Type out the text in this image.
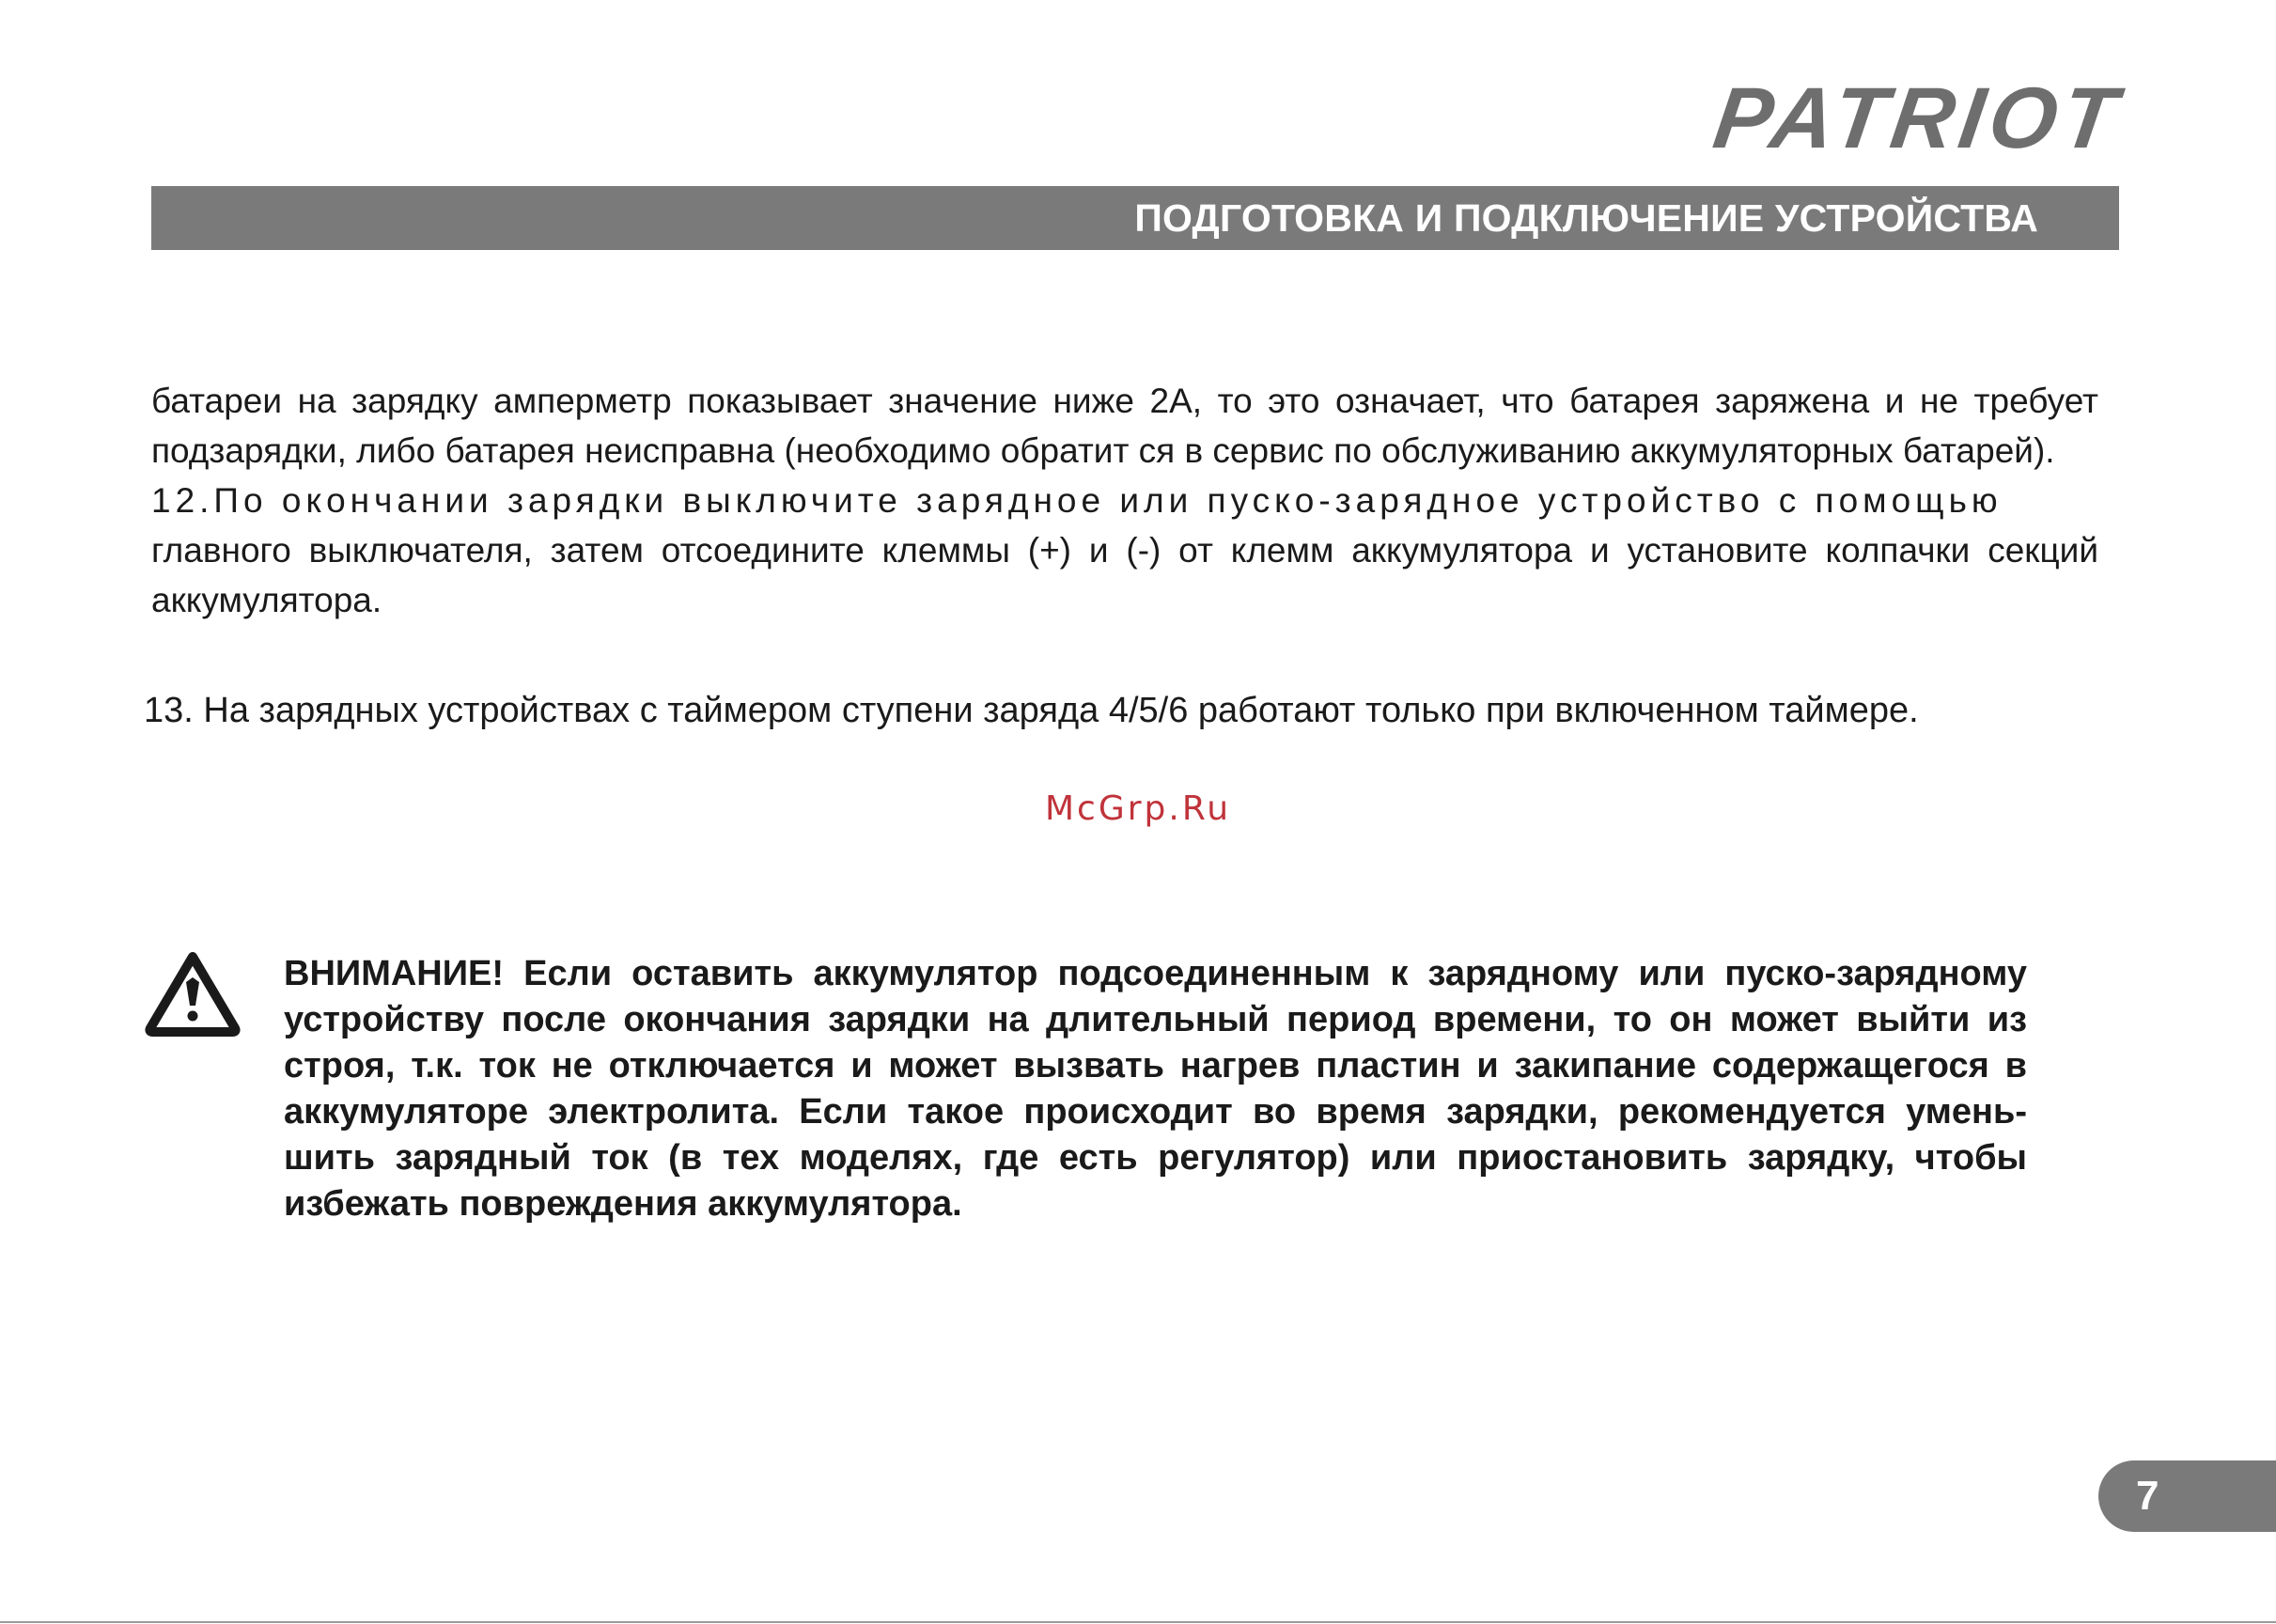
PATRIOT
ПОДГОТОВКА И ПОДКЛЮЧЕНИЕ УСТРОЙСТВА

батареи на зарядку амперметр показывает значение ниже 2А, то это означает, что батарея заряжена и не требует подзарядки, либо батарея неисправна (необходимо обратит ся в сервис по обслуживанию аккумуляторных батарей).

12.По окончании зарядки выключите зарядное или пуско-зарядное устройство с помощью

главного выключателя, затем отсоедините клеммы (+) и (-) от клемм аккумулятора и установите колпачки секций аккумулятора.

13. На зарядных устройствах с таймером ступени заряда 4/5/6 работают только при включенном таймере.
McGrp.Ru

ВНИМАНИЕ! Если оставить аккумулятор подсоединенным к зарядному или пуско-зарядному устройству после окончания зарядки на длительный период времени, то он может выйти из строя, т.к. ток не отключается и может вызвать нагрев пластин и закипание содержащегося в аккумуляторе электролита. Если такое происходит во время зарядки, рекомендуется умень-шить зарядный ток (в тех моделях, где есть регулятор) или приостановить зарядку, чтобы избежать повреждения аккумулятора.

7
